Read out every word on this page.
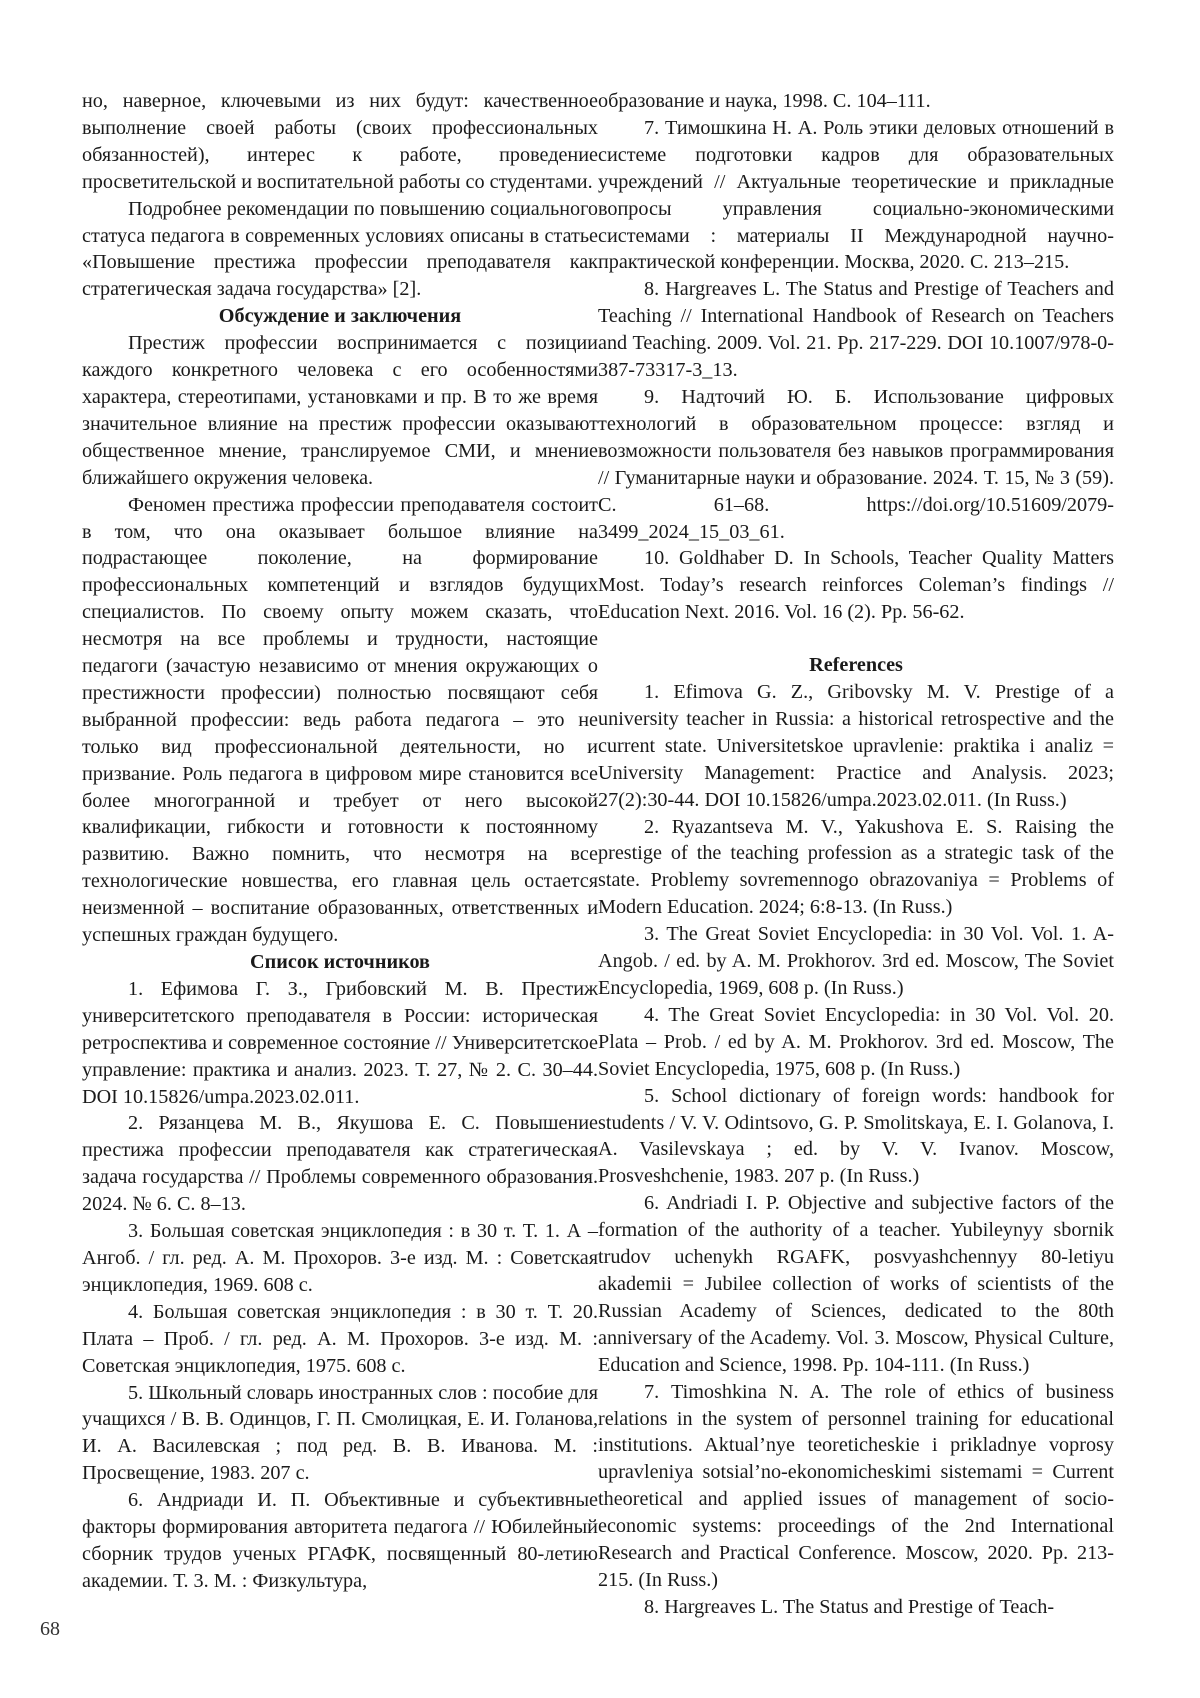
но, наверное, ключевыми из них будут: качественное выполнение своей работы (своих профессиональных обязанностей), интерес к работе, проведение просветительской и воспитательной работы со студентами.

Подробнее рекомендации по повышению социального статуса педагога в современных условиях описаны в статье «Повышение престижа профессии преподавателя как стратегическая задача государства» [2].

Обсуждение и заключения

Престиж профессии воспринимается с позиции каждого конкретного человека с его особенностями характера, стереотипами, установками и пр. В то же время значительное влияние на престиж профессии оказывают общественное мнение, транслируемое СМИ, и мнение ближайшего окружения человека.

Феномен престижа профессии преподавателя состоит в том, что она оказывает большое влияние на подрастающее поколение, на формирование профессиональных компетенций и взглядов будущих специалистов. По своему опыту можем сказать, что несмотря на все проблемы и трудности, настоящие педагоги (зачастую независимо от мнения окружающих о престижности профессии) полностью посвящают себя выбранной профессии: ведь работа педагога – это не только вид профессиональной деятельности, но и призвание. Роль педагога в цифровом мире становится все более многогранной и требует от него высокой квалификации, гибкости и готовности к постоянному развитию. Важно помнить, что несмотря на все технологические новшества, его главная цель остается неизменной – воспитание образованных, ответственных и успешных граждан будущего.

Список источников

1. Ефимова Г. З., Грибовский М. В. Престиж университетского преподавателя в России: историческая ретроспектива и современное состояние // Университетское управление: практика и анализ. 2023. Т. 27, № 2. С. 30–44. DOI 10.15826/umpa.2023.02.011.

2. Рязанцева М. В., Якушова Е. С. Повышение престижа профессии преподавателя как стратегическая задача государства // Проблемы современного образования. 2024. № 6. С. 8–13.

3. Большая советская энциклопедия : в 30 т. Т. 1. А – Ангоб. / гл. ред. А. М. Прохоров. 3-е изд. М. : Советская энциклопедия, 1969. 608 с.

4. Большая советская энциклопедия : в 30 т. Т. 20. Плата – Проб. / гл. ред. А. М. Прохоров. 3-е изд. М. : Советская энциклопедия, 1975. 608 с.

5. Школьный словарь иностранных слов : пособие для учащихся / В. В. Одинцов, Г. П. Смолицкая, Е. И. Голанова, И. А. Василевская ; под ред. В. В. Иванова. М. : Просвещение, 1983. 207 с.

6. Андриади И. П. Объективные и субъективные факторы формирования авторитета педагога // Юбилейный сборник трудов ученых РГАФК, посвященный 80-летию академии. Т. 3. М. : Физкультура,

образование и наука, 1998. С. 104–111.

7. Тимошкина Н. А. Роль этики деловых отношений в системе подготовки кадров для образовательных учреждений // Актуальные теоретические и прикладные вопросы управления социально-экономическими системами : материалы II Международной научно-практической конференции. Москва, 2020. С. 213–215.

8. Hargreaves L. The Status and Prestige of Teachers and Teaching // International Handbook of Research on Teachers and Teaching. 2009. Vol. 21. Pp. 217-229. DOI 10.1007/978-0-387-73317-3_13.

9. Надточий Ю. Б. Использование цифровых технологий в образовательном процессе: взгляд и возможности пользователя без навыков программирования // Гуманитарные науки и образование. 2024. Т. 15, № 3 (59). С. 61–68. https://doi.org/10.51609/2079-3499_2024_15_03_61.

10. Goldhaber D. In Schools, Teacher Quality Matters Most. Today’s research reinforces Coleman’s findings // Education Next. 2016. Vol. 16 (2). Pp. 56-62.

References

1. Efimova G. Z., Gribovsky M. V. Prestige of a university teacher in Russia: a historical retrospective and the current state. Universitetskoe upravlenie: praktika i analiz = University Management: Practice and Analysis. 2023; 27(2):30-44. DOI 10.15826/umpa.2023.02.011. (In Russ.)

2. Ryazantseva M. V., Yakushova E. S. Raising the prestige of the teaching profession as a strategic task of the state. Problemy sovremennogo obrazovaniya = Problems of Modern Education. 2024; 6:8-13. (In Russ.)

3. The Great Soviet Encyclopedia: in 30 Vol. Vol. 1. A-Angob. / ed. by A. M. Prokhorov. 3rd ed. Moscow, The Soviet Encyclopedia, 1969, 608 p. (In Russ.)

4. The Great Soviet Encyclopedia: in 30 Vol. Vol. 20. Plata – Prob. / ed by A. M. Prokhorov. 3rd ed. Moscow, The Soviet Encyclopedia, 1975, 608 p. (In Russ.)

5. School dictionary of foreign words: handbook for students / V. V. Odintsovo, G. P. Smolitskaya, E. I. Golanova, I. A. Vasilevskaya ; ed. by V. V. Ivanov. Moscow, Prosveshchenie, 1983. 207 p. (In Russ.)

6. Andriadi I. P. Objective and subjective factors of the formation of the authority of a teacher. Yubileynyy sbornik trudov uchenykh RGAFK, posvyashchennyy 80-letiyu akademii = Jubilee collection of works of scientists of the Russian Academy of Sciences, dedicated to the 80th anniversary of the Academy. Vol. 3. Moscow, Physical Culture, Education and Science, 1998. Pp. 104-111. (In Russ.)

7. Timoshkina N. A. The role of ethics of business relations in the system of personnel training for educational institutions. Aktual’nye teoreticheskie i prikladnye voprosy upravleniya sotsial’no-ekonomicheskimi sistemami = Current theoretical and applied issues of management of socio-economic systems: proceedings of the 2nd International Research and Practical Conference. Moscow, 2020. Pp. 213-215. (In Russ.)

8. Hargreaves L. The Status and Prestige of Teach-

68
